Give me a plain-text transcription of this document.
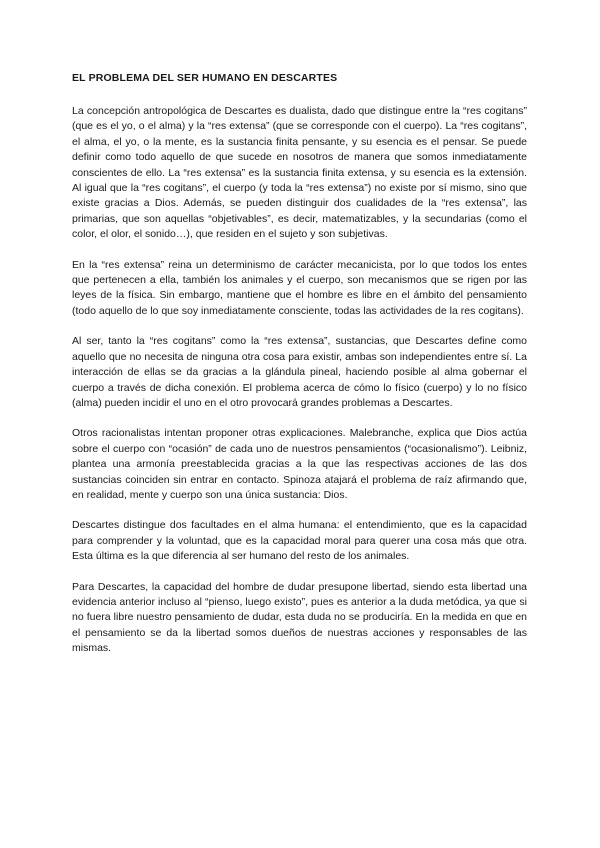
EL PROBLEMA DEL SER HUMANO EN DESCARTES

La concepción antropológica de Descartes es dualista, dado que distingue entre la “res cogitans” (que es el yo, o el alma) y la “res extensa” (que se corresponde con el cuerpo). La “res cogitans”, el alma, el yo, o la mente, es la sustancia finita pensante, y su esencia es el pensar. Se puede definir como todo aquello de que sucede en nosotros de manera que somos inmediatamente conscientes de ello. La “res extensa” es la sustancia finita extensa, y su esencia es la extensión. Al igual que la “res cogitans”, el cuerpo (y toda la “res extensa”) no existe por sí mismo, sino que existe gracias a Dios. Además, se pueden distinguir dos cualidades de la “res extensa”, las primarias, que son aquellas “objetivables”, es decir, matematizables, y la secundarias (como el color, el olor, el sonido…), que residen en el sujeto y son subjetivas.

En la “res extensa” reina un determinismo de carácter mecanicista, por lo que todos los entes que pertenecen a ella, también los animales y el cuerpo, son mecanismos que se rigen por las leyes de la física. Sin embargo, mantiene que el hombre es libre en el ámbito del pensamiento (todo aquello de lo que soy inmediatamente consciente, todas las actividades de la res cogitans).

Al ser, tanto la “res cogitans” como la “res extensa”, sustancias, que Descartes define como aquello que no necesita de ninguna otra cosa para existir, ambas son independientes entre sí. La interacción de ellas se da gracias a la glándula pineal, haciendo posible al alma gobernar el cuerpo a través de dicha conexión. El problema acerca de cómo lo físico (cuerpo) y lo no físico (alma) pueden incidir el uno en el otro provocará grandes problemas a Descartes.

Otros racionalistas intentan proponer otras explicaciones. Malebranche, explica que Dios actúa sobre el cuerpo con “ocasión” de cada uno de nuestros pensamientos (“ocasionalismo”). Leibniz, plantea una armonía preestablecida gracias a la que las respectivas acciones de las dos sustancias coinciden sin entrar en contacto. Spinoza atajará el problema de raíz afirmando que, en realidad, mente y cuerpo son una única sustancia: Dios.

Descartes distingue dos facultades en el alma humana: el entendimiento, que es la capacidad para comprender y la voluntad, que es la capacidad moral para querer una cosa más que otra. Esta última es la que diferencia al ser humano del resto de los animales.

Para Descartes, la capacidad del hombre de dudar presupone libertad, siendo esta libertad una evidencia anterior incluso al “pienso, luego existo”, pues es anterior a la duda metódica, ya que si no fuera libre nuestro pensamiento de dudar, esta duda no se produciría. En la medida en que en el pensamiento se da la libertad somos dueños de nuestras acciones y responsables de las mismas.
